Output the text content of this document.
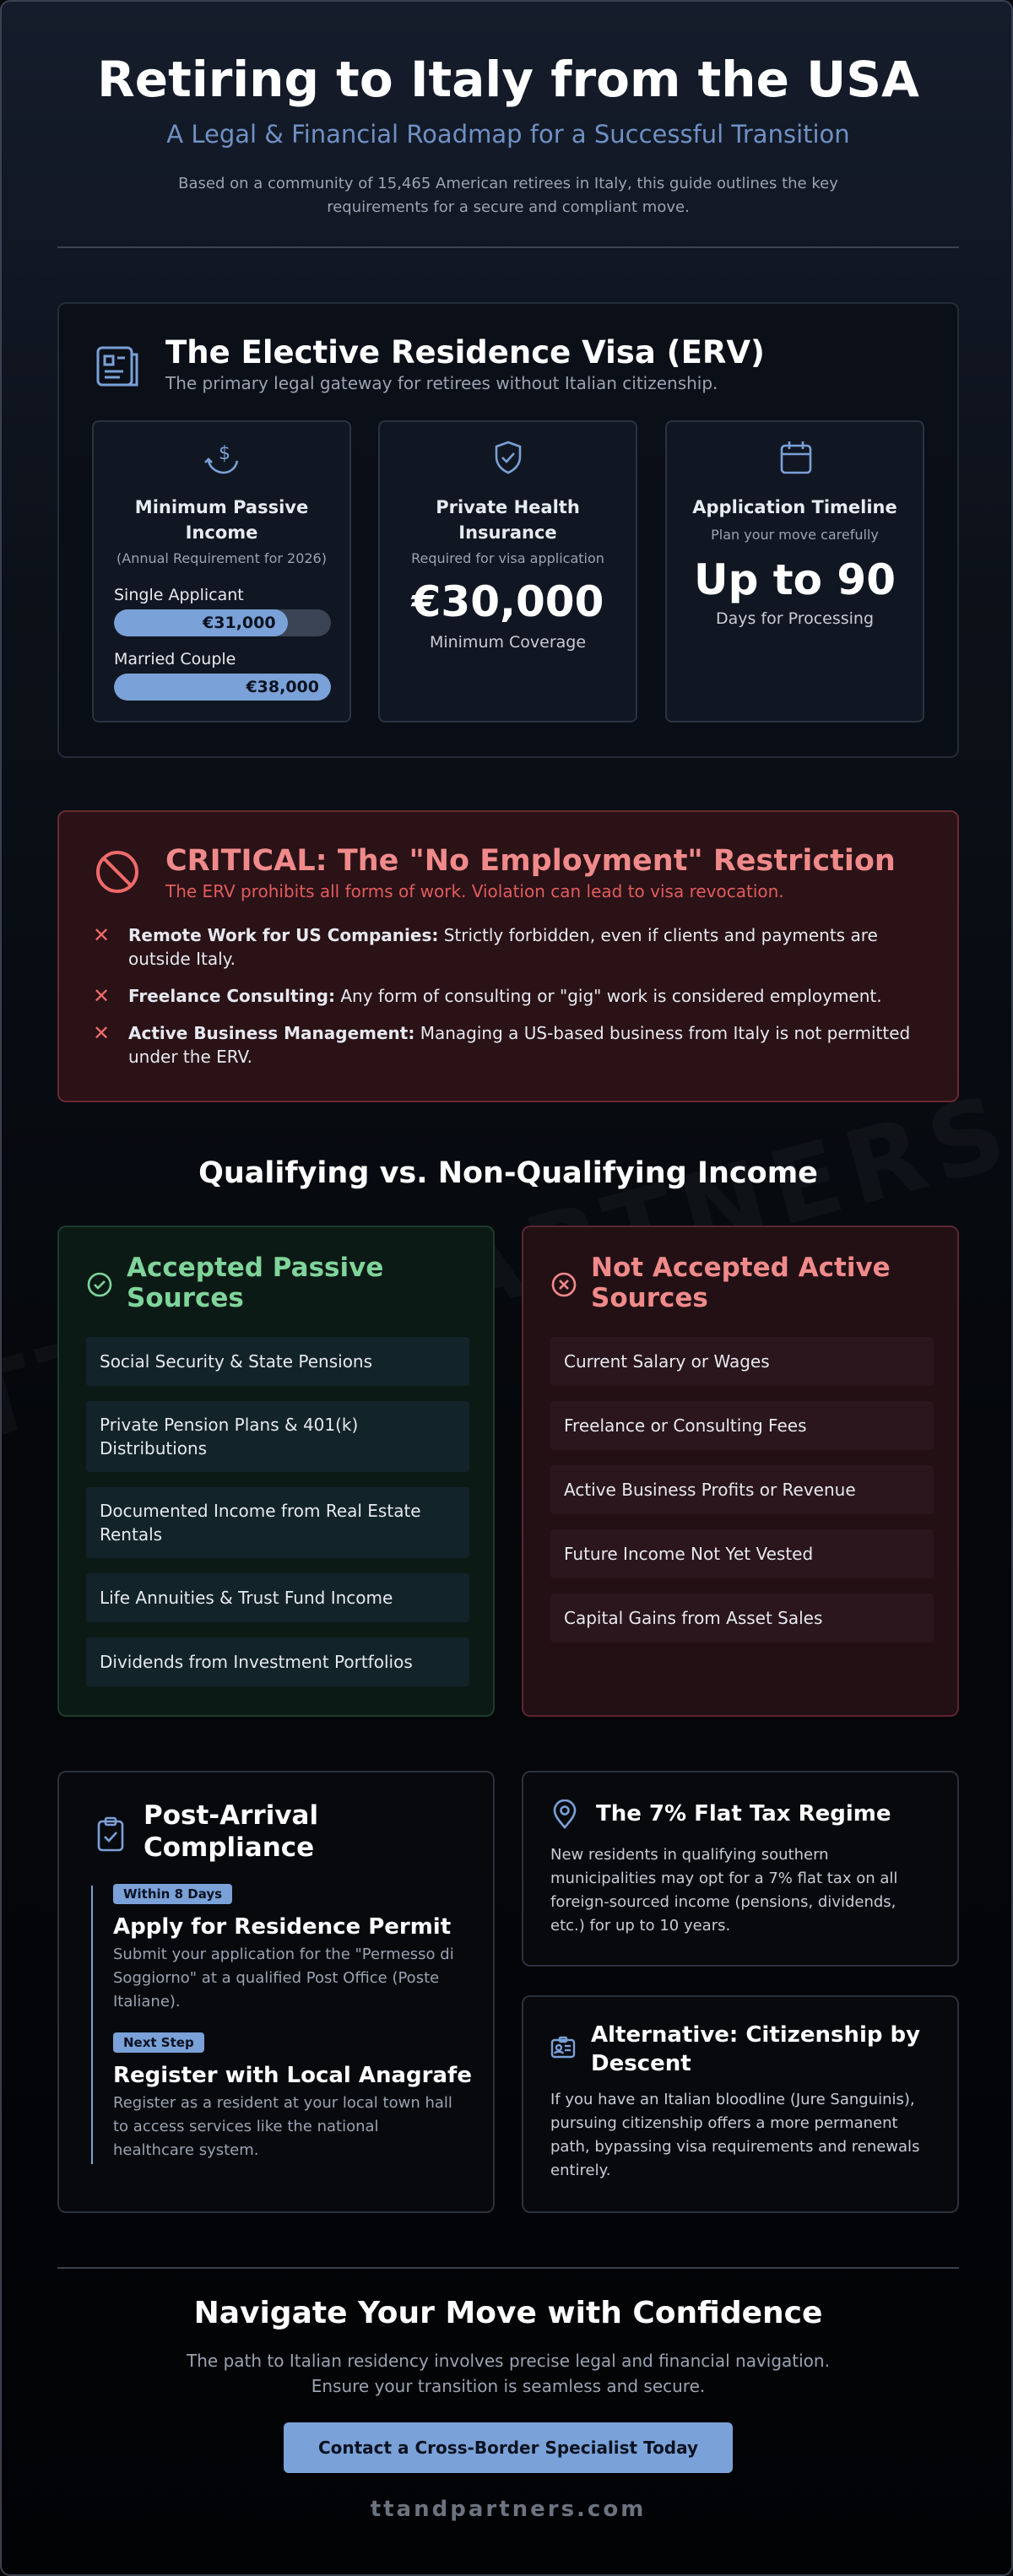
Retiring to Italy from the USA
A Legal & Financial Roadmap for a Successful Transition
Based on a community of 15,465 American retirees in Italy, this guide outlines the key requirements for a secure and compliant move.
The Elective Residence Visa (ERV)
The primary legal gateway for retirees without Italian citizenship.
$
Minimum Passive Income
(Annual Requirement for 2026)
Single Applicant
€31,000
Married Couple
€38,000
Private Health Insurance
Required for visa application
€30,000
Minimum Coverage
Application Timeline
Plan your move carefully
Up to 90
Days for Processing
CRITICAL: The "No Employment" Restriction
The ERV prohibits all forms of work. Violation can lead to visa revocation.
✕ Remote Work for US Companies: Strictly forbidden, even if clients and payments are outside Italy.
✕ Freelance Consulting: Any form of consulting or "gig" work is considered employment.
✕ Active Business Management: Managing a US-based business from Italy is not permitted under the ERV.
Qualifying vs. Non-Qualifying Income
Accepted Passive Sources
Social Security & State Pensions
Private Pension Plans & 401(k) Distributions
Documented Income from Real Estate Rentals
Life Annuities & Trust Fund Income
Dividends from Investment Portfolios
Not Accepted Active Sources
Current Salary or Wages
Freelance or Consulting Fees
Active Business Profits or Revenue
Future Income Not Yet Vested
Capital Gains from Asset Sales
Post-Arrival Compliance
Within 8 Days
Apply for Residence Permit
Submit your application for the "Permesso di Soggiorno" at a qualified Post Office (Poste Italiane).
Next Step
Register with Local Anagrafe
Register as a resident at your local town hall to access services like the national healthcare system.
The 7% Flat Tax Regime
New residents in qualifying southern municipalities may opt for a 7% flat tax on all foreign-sourced income (pensions, dividends, etc.) for up to 10 years.
Alternative: Citizenship by Descent
If you have an Italian bloodline (Jure Sanguinis), pursuing citizenship offers a more permanent path, bypassing visa requirements and renewals entirely.
Navigate Your Move with Confidence
The path to Italian residency involves precise legal and financial navigation. Ensure your transition is seamless and secure.
Contact a Cross-Border Specialist Today
ttandpartners.com
